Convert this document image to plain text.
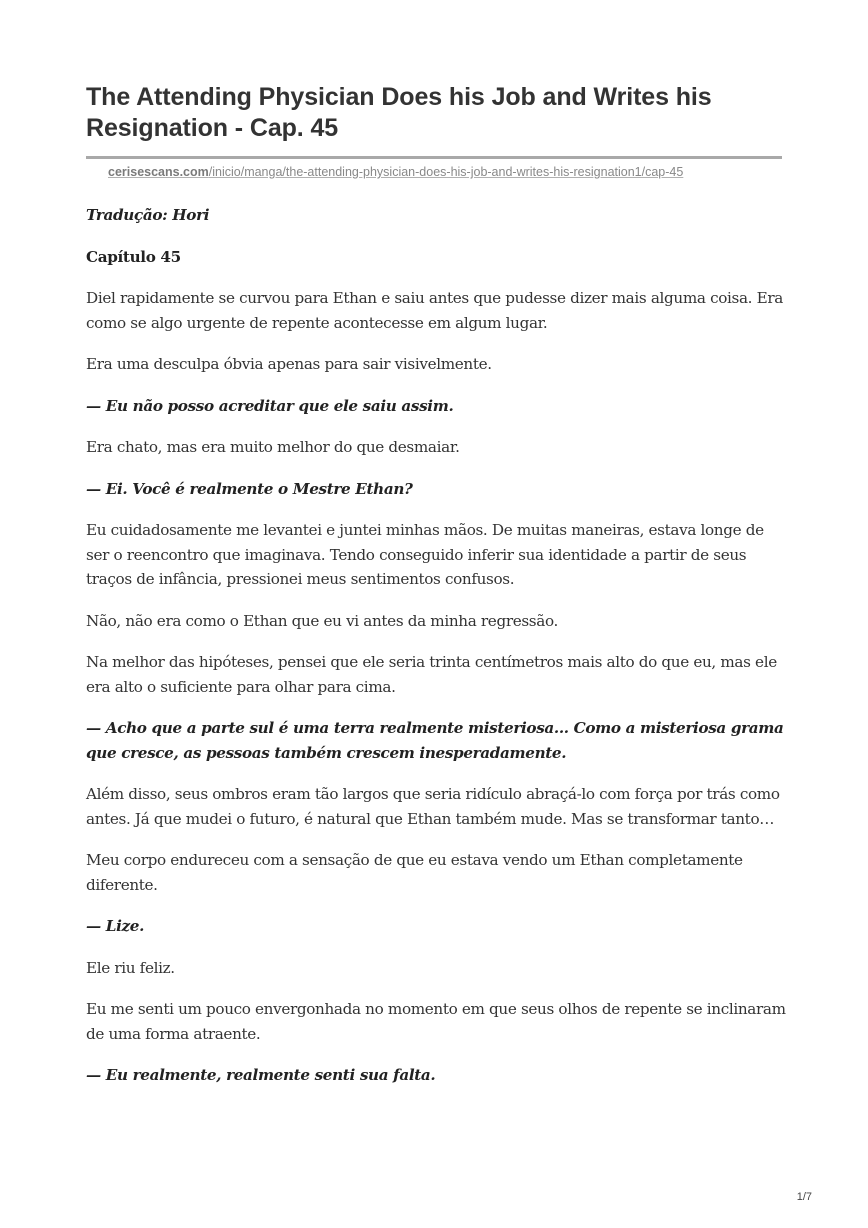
The Attending Physician Does his Job and Writes his Resignation - Cap. 45
cerisescans.com/inicio/manga/the-attending-physician-does-his-job-and-writes-his-resignation1/cap-45

Tradução: Hori

Capítulo 45

Diel rapidamente se curvou para Ethan e saiu antes que pudesse dizer mais alguma coisa. Era como se algo urgente de repente acontecesse em algum lugar.

Era uma desculpa óbvia apenas para sair visivelmente.

— Eu não posso acreditar que ele saiu assim.

Era chato, mas era muito melhor do que desmaiar.

— Ei. Você é realmente o Mestre Ethan?

Eu cuidadosamente me levantei e juntei minhas mãos. De muitas maneiras, estava longe de ser o reencontro que imaginava. Tendo conseguido inferir sua identidade a partir de seus traços de infância, pressionei meus sentimentos confusos.

Não, não era como o Ethan que eu vi antes da minha regressão.

Na melhor das hipóteses, pensei que ele seria trinta centímetros mais alto do que eu, mas ele era alto o suficiente para olhar para cima.

— Acho que a parte sul é uma terra realmente misteriosa... Como a misteriosa grama que cresce, as pessoas também crescem inesperadamente.

Além disso, seus ombros eram tão largos que seria ridículo abraçá-lo com força por trás como antes. Já que mudei o futuro, é natural que Ethan também mude. Mas se transformar tanto…

Meu corpo endureceu com a sensação de que eu estava vendo um Ethan completamente diferente.

— Lize.

Ele riu feliz.

Eu me senti um pouco envergonhada no momento em que seus olhos de repente se inclinaram de uma forma atraente.

— Eu realmente, realmente senti sua falta.

1/7
